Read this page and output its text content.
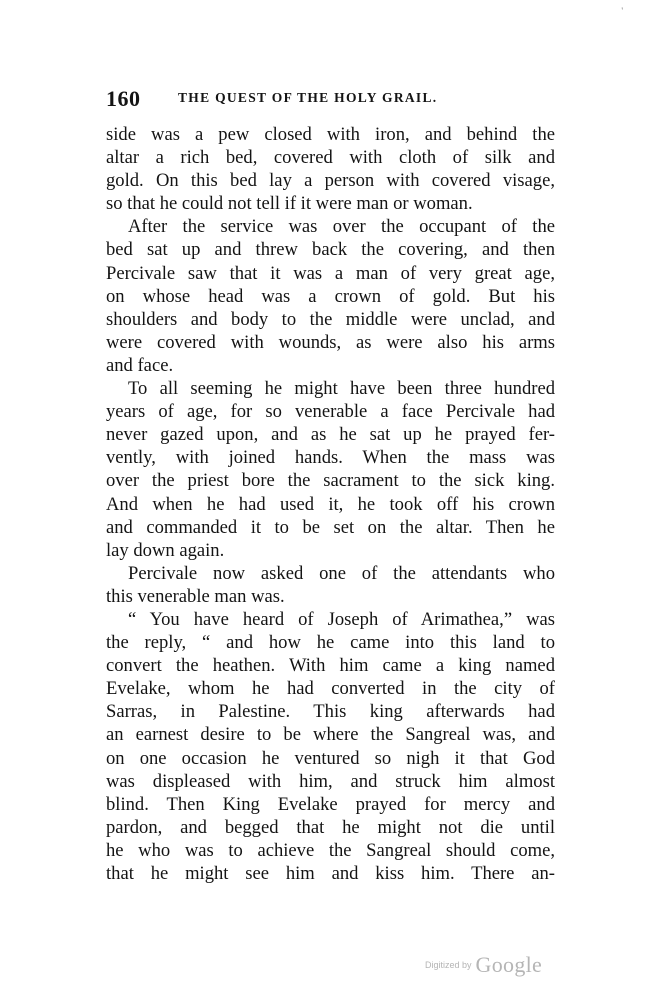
'
160	THE QUEST OF THE HOLY GRAIL.
side was a pew closed with iron, and behind the
altar a rich bed, covered with cloth of silk and
gold. On this bed lay a person with covered visage,
so that he could not tell if it were man or woman.
After the service was over the occupant of the
bed sat up and threw back the covering, and then
Percivale saw that it was a man of very great age,
on whose head was a crown of gold. But his
shoulders and body to the middle were unclad, and
were covered with wounds, as were also his arms
and face.
To all seeming he might have been three hundred
years of age, for so venerable a face Percivale had
never gazed upon, and as he sat up he prayed fer-
vently, with joined hands. When the mass was
over the priest bore the sacrament to the sick king.
And when he had used it, he took off his crown
and commanded it to be set on the altar. Then he
lay down again.
Percivale now asked one of the attendants who
this venerable man was.
“ You have heard of Joseph of Arimathea,” was
the reply, “ and how he came into this land to
convert the heathen. With him came a king named
Evelake, whom he had converted in the city of
Sarras, in Palestine. This king afterwards had
an earnest desire to be where the Sangreal was, and
on one occasion he ventured so nigh it that God
was displeased with him, and struck him almost
blind. Then King Evelake prayed for mercy and
pardon, and begged that he might not die until
he who was to achieve the Sangreal should come,
that he might see him and kiss him. There an-
Digitized by Google
